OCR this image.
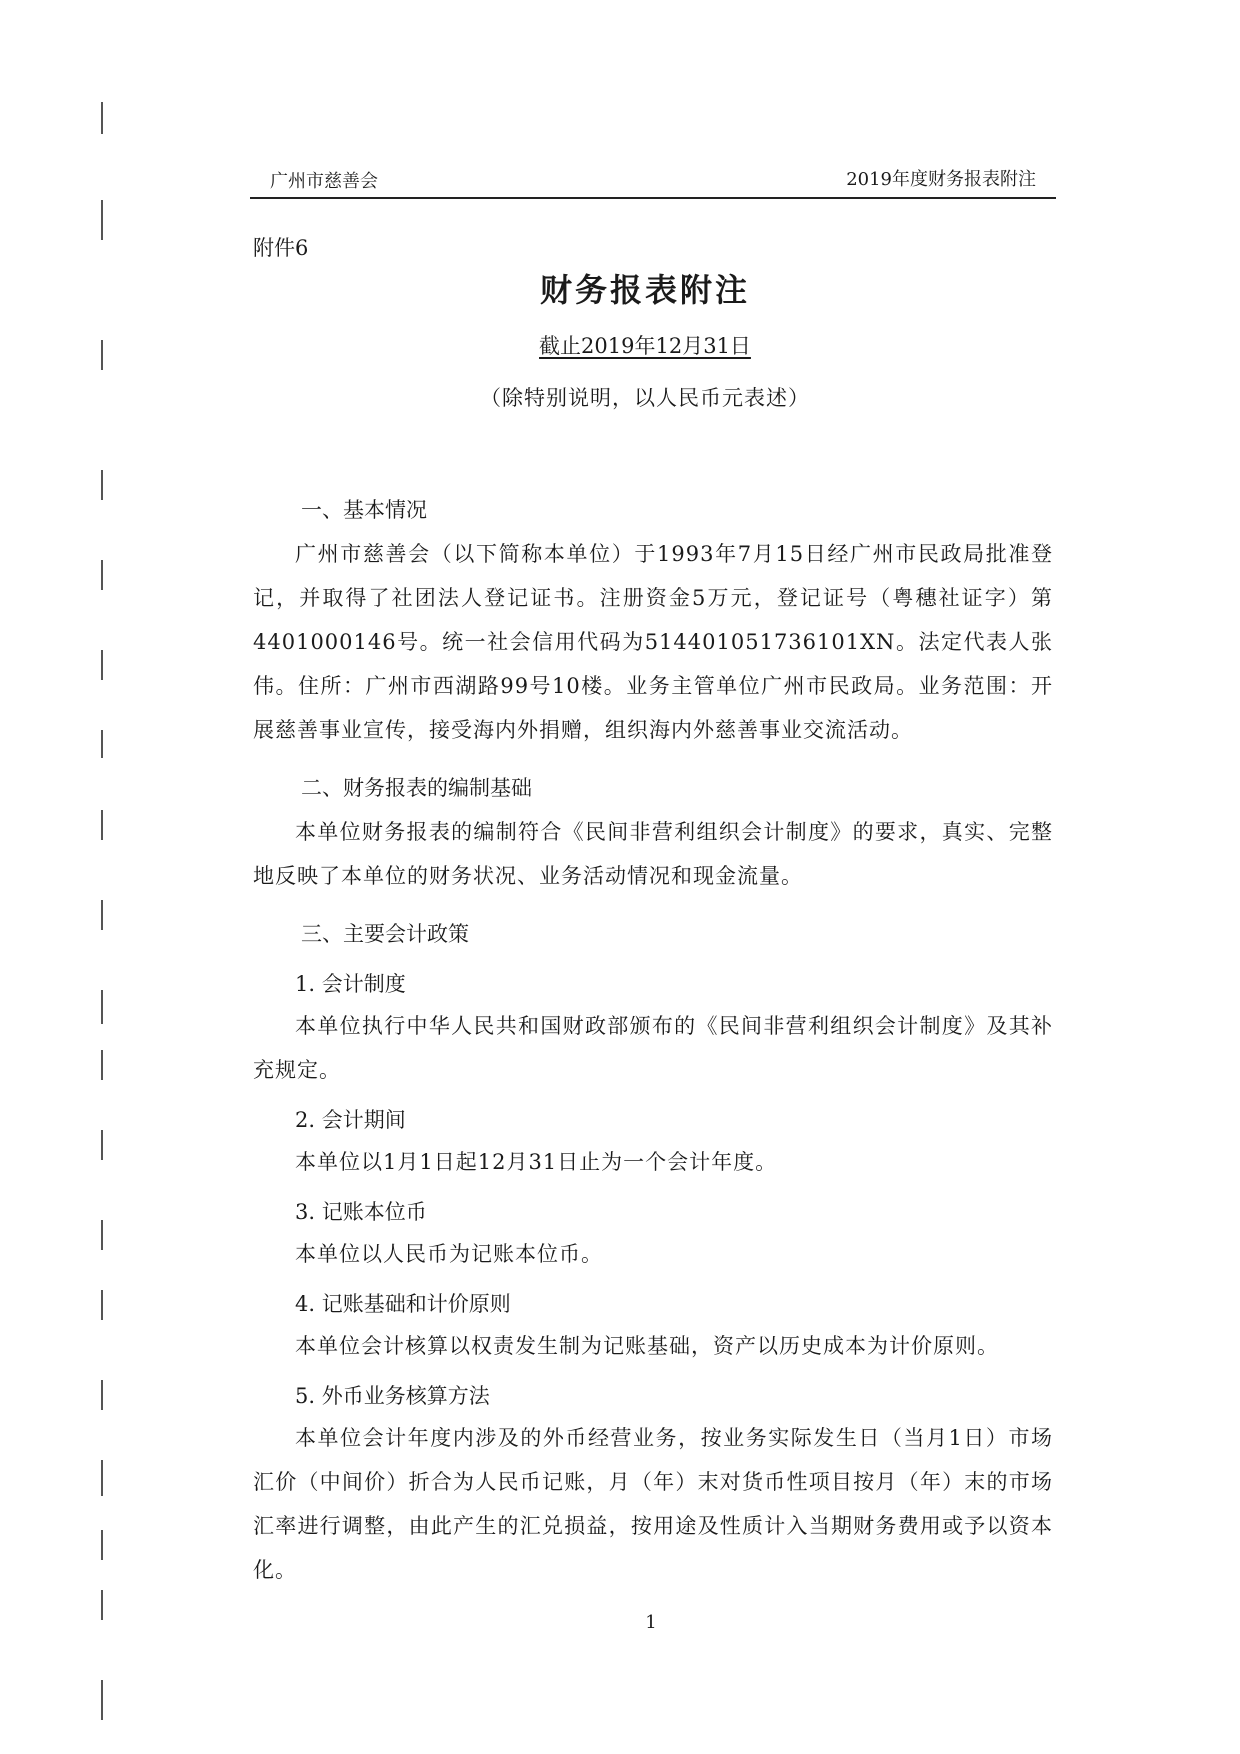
广州市慈善会	2019年度财务报表附注
附件6
财务报表附注
截止2019年12月31日
（除特别说明，以人民币元表述）
一、基本情况

广州市慈善会（以下简称本单位）于1993年7月15日经广州市民政局批准登记，并取得了社团法人登记证书。注册资金5万元，登记证号（粤穗社证字）第4401000146号。统一社会信用代码为514401051736101XN。法定代表人张伟。住所：广州市西湖路99号10楼。业务主管单位广州市民政局。业务范围：开展慈善事业宣传，接受海内外捐赠，组织海内外慈善事业交流活动。

二、财务报表的编制基础

本单位财务报表的编制符合《民间非营利组织会计制度》的要求，真实、完整地反映了本单位的财务状况、业务活动情况和现金流量。

三、主要会计政策
1. 会计制度

本单位执行中华人民共和国财政部颁布的《民间非营利组织会计制度》及其补充规定。

2. 会计期间

本单位以1月1日起12月31日止为一个会计年度。

3. 记账本位币

本单位以人民币为记账本位币。

4. 记账基础和计价原则

本单位会计核算以权责发生制为记账基础，资产以历史成本为计价原则。

5. 外币业务核算方法

本单位会计年度内涉及的外币经营业务，按业务实际发生日（当月1日）市场汇价（中间价）折合为人民币记账，月（年）末对货币性项目按月（年）末的市场汇率进行调整，由此产生的汇兑损益，按用途及性质计入当期财务费用或予以资本化。

1
